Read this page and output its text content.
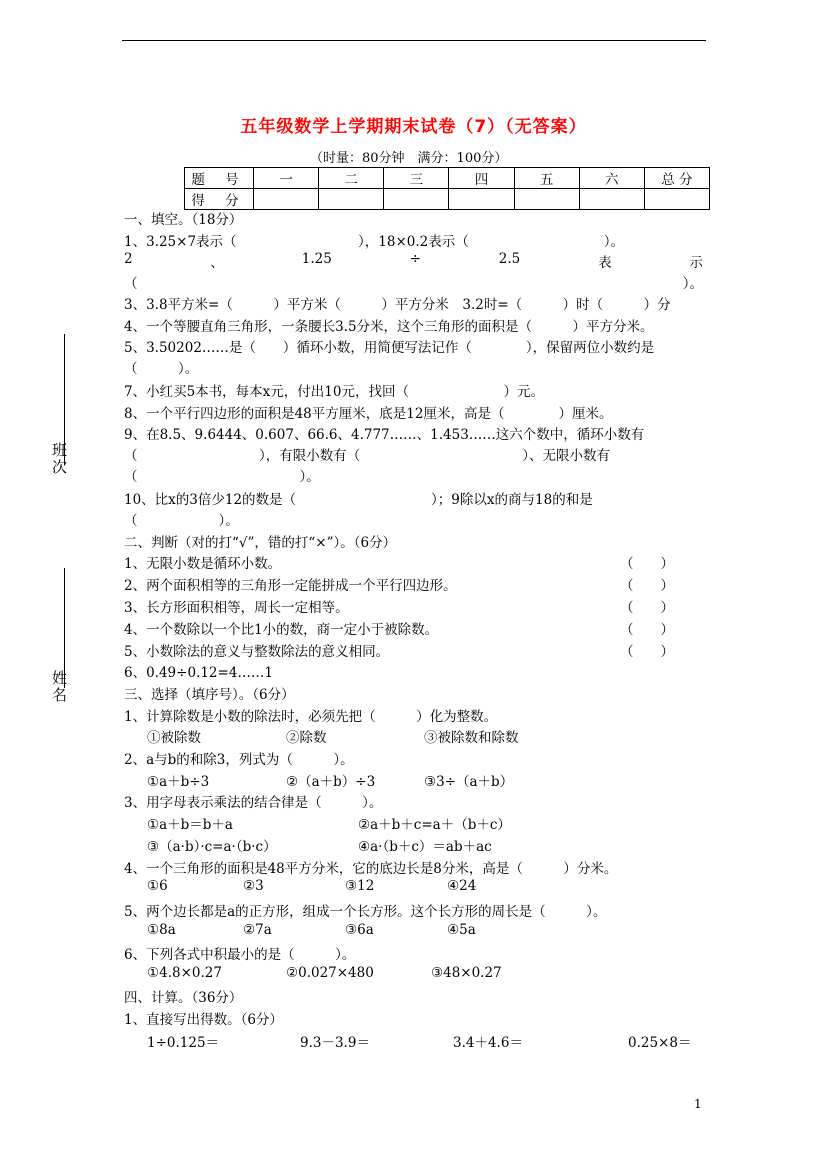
五年级数学上学期期末试卷（7）（无答案）
（时量：80分钟　满分：100分）
题 号	一	二	三	四	五	六	总 分
得 分							
班
次
姓
名
一、填空。（18分）
1、3.25×7表示（　　　　　　　　　），18×0.2表示（　　　　　　　　　　）。
2	、	1.25	÷	2.5	表	示
（	）。
3、3.8平方米=（　　　）平方米（　　　）平方分米　3.2时=（　　　）时（　　　）分
4、一个等腰直角三角形，一条腰长3.5分米，这个三角形的面积是（　　　）平方分米。
5、3.50202……是（　　）循环小数，用简便写法记作（　　　　），保留两位小数约是
（　　　）。
7、小红买5本书，每本x元，付出10元，找回（　　　　　　　）元。
8、一个平行四边形的面积是48平方厘米，底是12厘米，高是（　　　　）厘米。
9、在8.5、9.6444、0.607、66.6、4.777……、1.453……这六个数中，循环小数有
（　　　　　　　　　），有限小数有（　　　　　　　　　　　　）、无限小数有
（　　　　　　　　　　　　）。
10、比x的3倍少12的数是（　　　　　　　　　　）；9除以x的商与18的和是
（　　　　　　）。
二、判断（对的打“√”，错的打“×”）。（6分）
1、无限小数是循环小数。	（　　）
2、两个面积相等的三角形一定能拼成一个平行四边形。	（　　）
3、长方形面积相等，周长一定相等。	（　　）
4、一个数除以一个比1小的数，商一定小于被除数。	（　　）
5、小数除法的意义与整数除法的意义相同。	（　　）
6、0.49÷0.12=4……1
三、选择（填序号）。（6分）
1、计算除数是小数的除法时，必须先把（　　　）化为整数。
①被除数	②除数	③被除数和除数
2、a与b的和除3，列式为（　　　）。
①a＋b÷3	②（a＋b）÷3	③3÷（a＋b）
3、用字母表示乘法的结合律是（　　　）。
①a＋b＝b＋a	②a＋b＋c=a＋（b＋c）
③（a·b）·c=a·（b·c）	④a·（b＋c）＝ab＋ac
4、一个三角形的面积是48平方分米，它的底边长是8分米，高是（　　　）分米。
①6	②3	③12	④24
5、两个边长都是a的正方形，组成一个长方形。这个长方形的周长是（　　　）。
①8a	②7a	③6a	④5a
6、下列各式中积最小的是（　　　）。
①4.8×0.27	②0.027×480	③48×0.27
四、计算。（36分）
1、直接写出得数。（6分）
1÷0.125＝	9.3－3.9＝	3.4＋4.6＝	0.25×8＝
1
